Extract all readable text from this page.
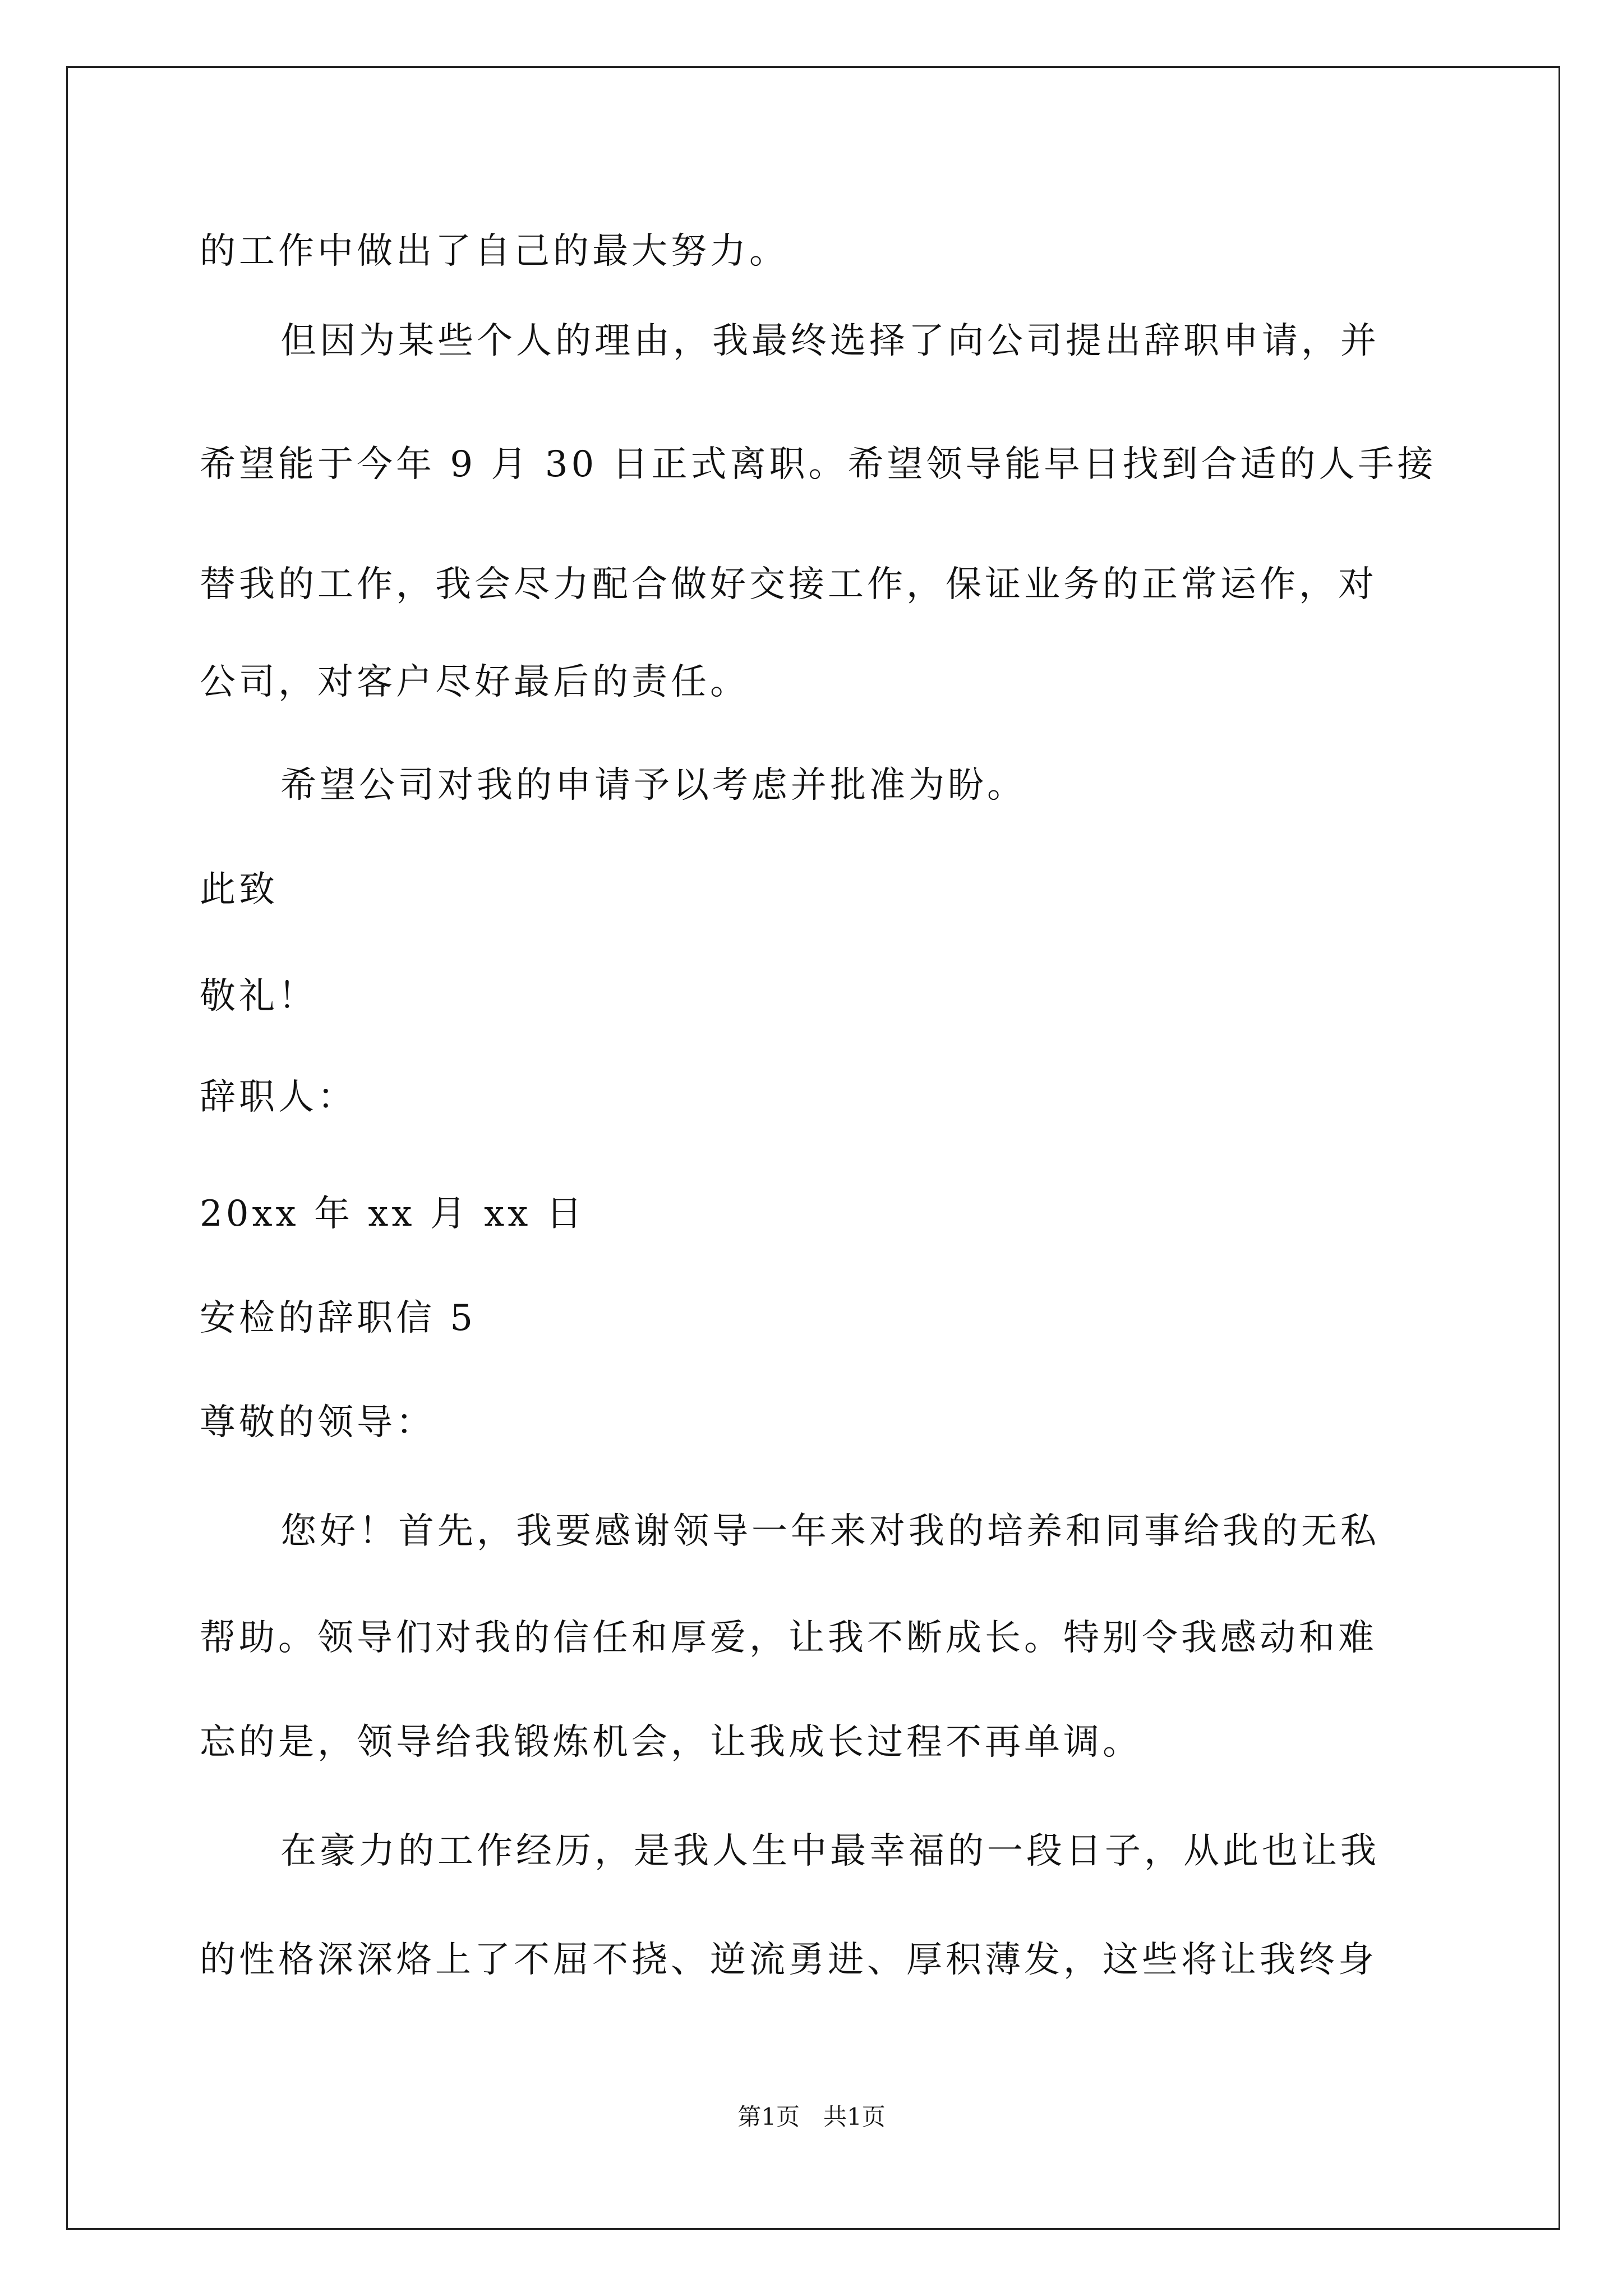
的工作中做出了自己的最大努力。
但因为某些个人的理由，我最终选择了向公司提出辞职申请，并
希望能于今年 9 月 30 日正式离职。希望领导能早日找到合适的人手接
替我的工作，我会尽力配合做好交接工作，保证业务的正常运作，对
公司，对客户尽好最后的责任。
希望公司对我的申请予以考虑并批准为盼。
此致
敬礼！
辞职人：
20xx 年 xx 月 xx 日
安检的辞职信 5
尊敬的领导：
您好！首先，我要感谢领导一年来对我的培养和同事给我的无私
帮助。领导们对我的信任和厚爱，让我不断成长。特别令我感动和难
忘的是，领导给我锻炼机会，让我成长过程不再单调。
在豪力的工作经历，是我人生中最幸福的一段日子，从此也让我
的性格深深烙上了不屈不挠、逆流勇进、厚积薄发，这些将让我终身
第1页　共1页
